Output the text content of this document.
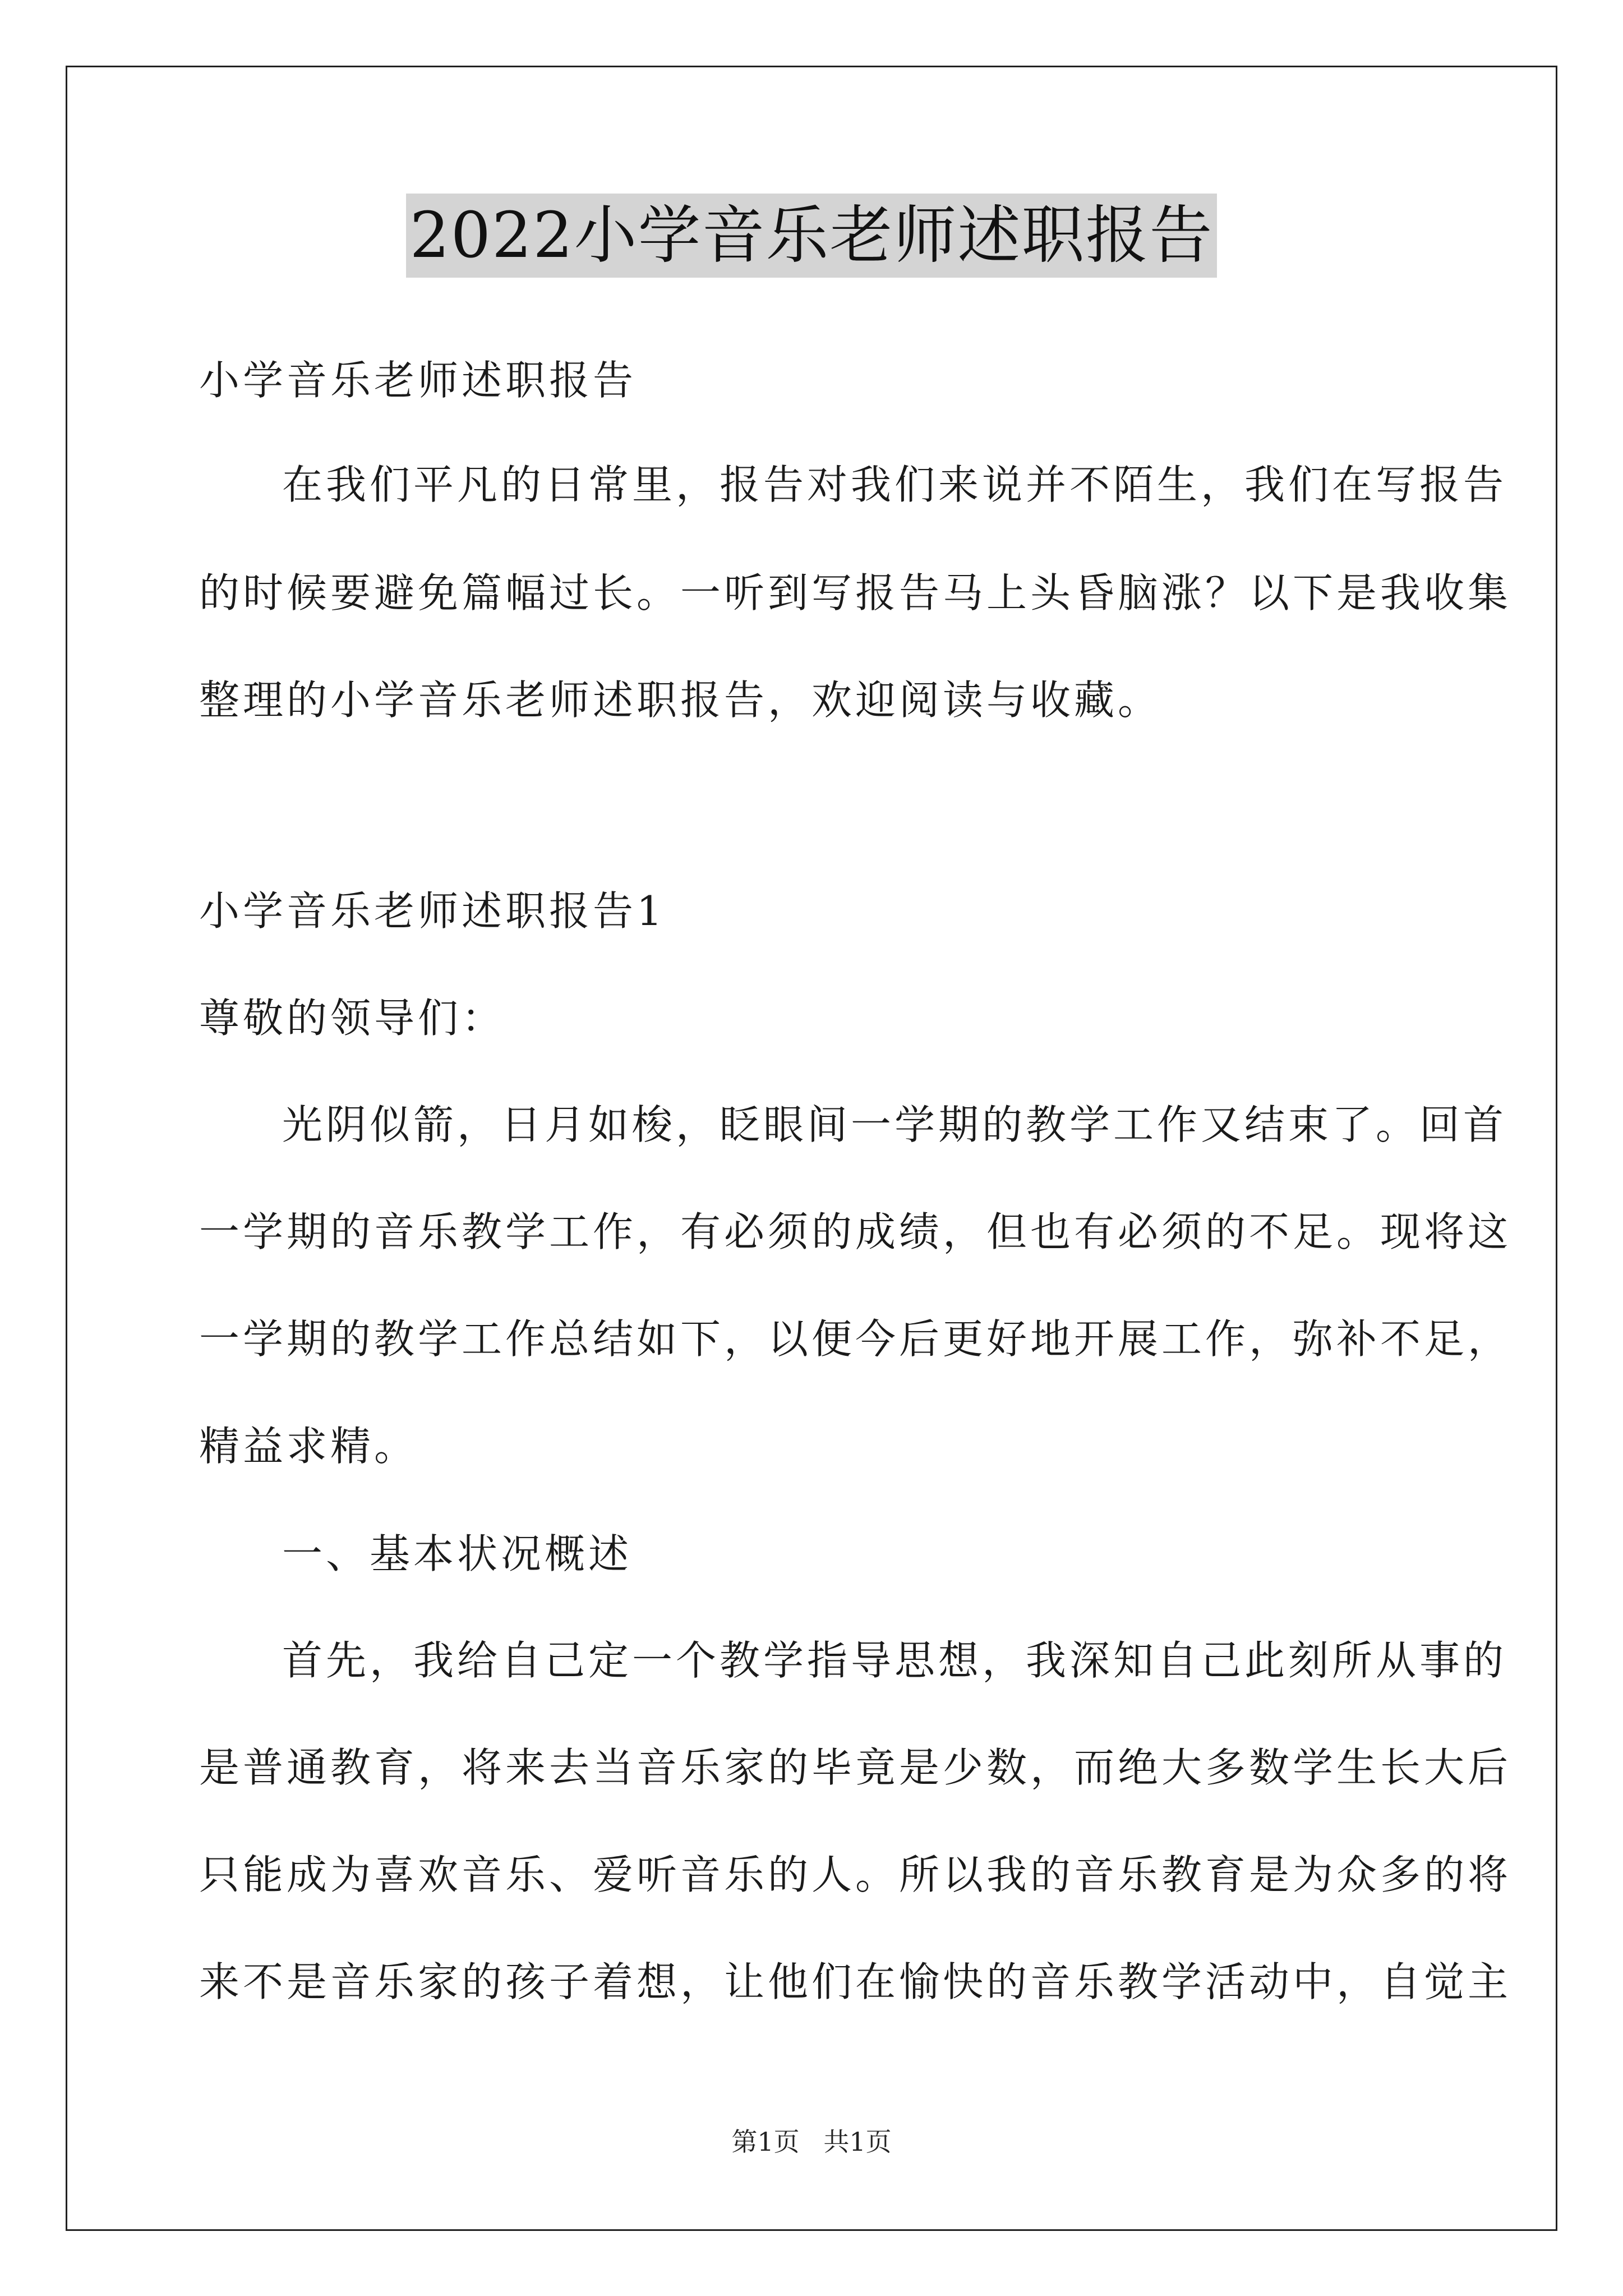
2022小学音乐老师述职报告
小学音乐老师述职报告
在我们平凡的日常里，报告对我们来说并不陌生，我们在写报告
的时候要避免篇幅过长。一听到写报告马上头昏脑涨？以下是我收集
整理的小学音乐老师述职报告，欢迎阅读与收藏。
小学音乐老师述职报告1
尊敬的领导们：
光阴似箭，日月如梭，眨眼间一学期的教学工作又结束了。回首
一学期的音乐教学工作，有必须的成绩，但也有必须的不足。现将这
一学期的教学工作总结如下，以便今后更好地开展工作，弥补不足，
精益求精。
一、基本状况概述
首先，我给自己定一个教学指导思想，我深知自己此刻所从事的
是普通教育，将来去当音乐家的毕竟是少数，而绝大多数学生长大后
只能成为喜欢音乐、爱听音乐的人。所以我的音乐教育是为众多的将
来不是音乐家的孩子着想，让他们在愉快的音乐教学活动中，自觉主
第1页 共1页
